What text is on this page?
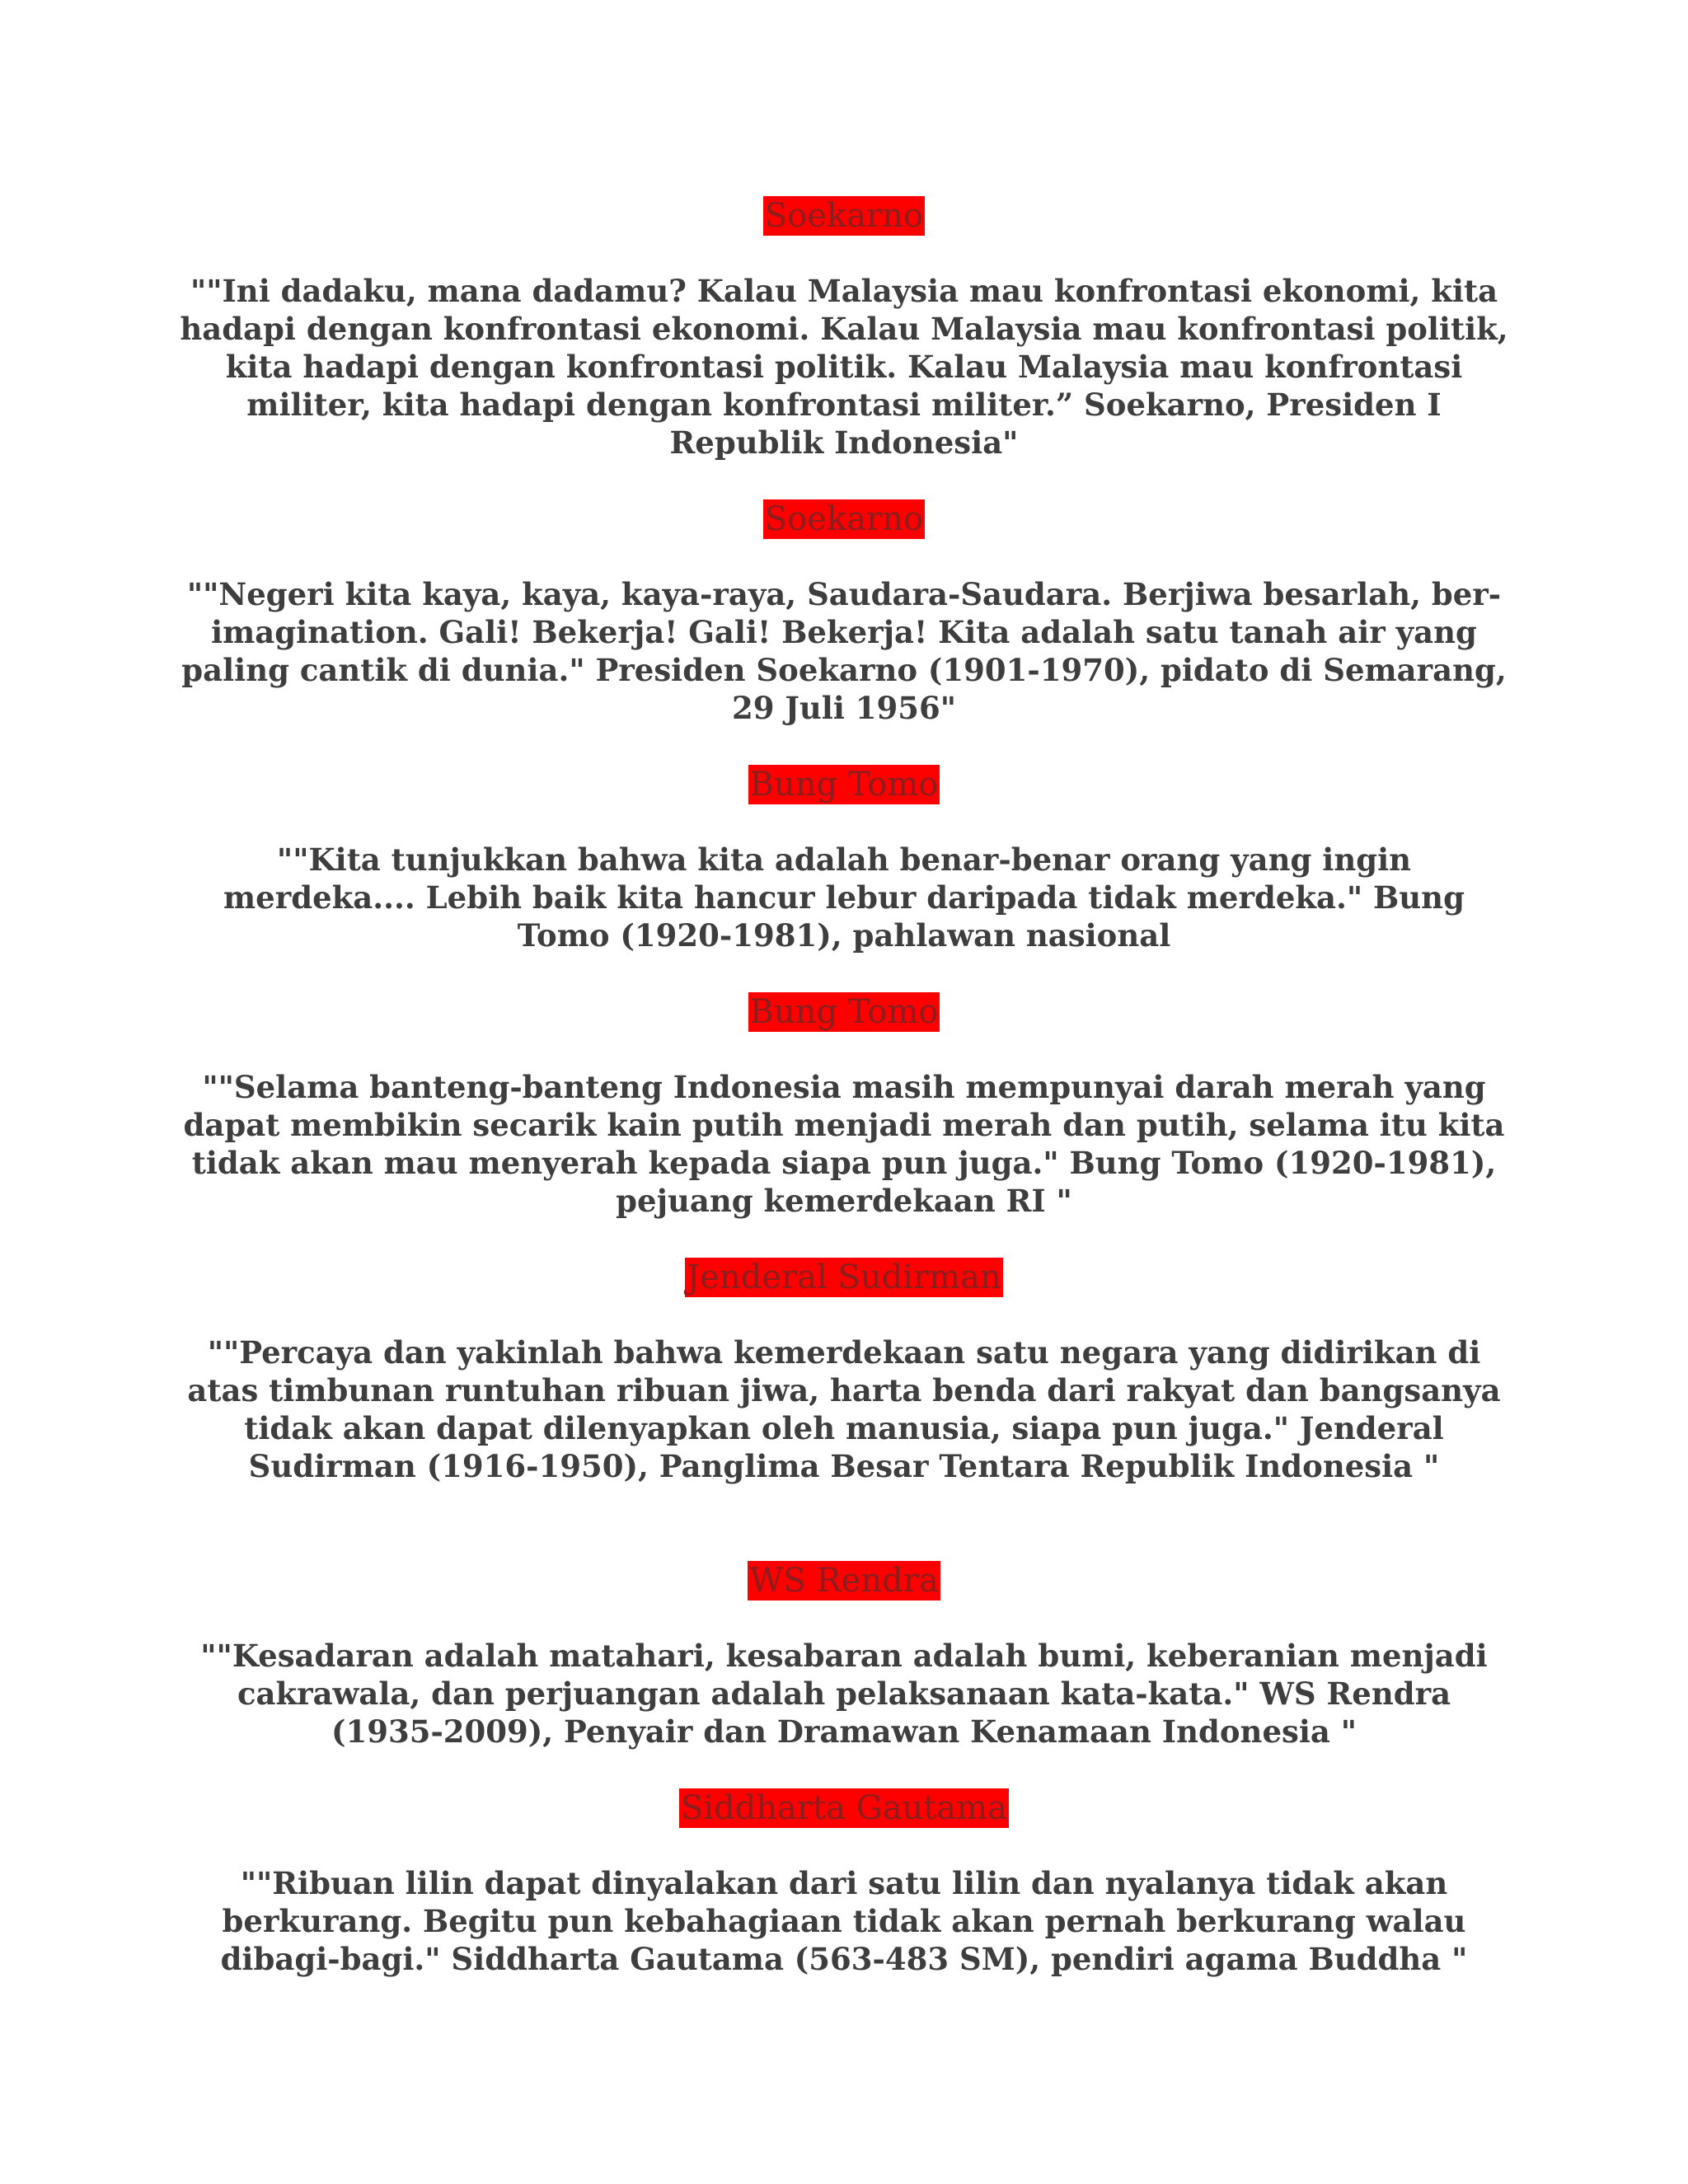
Soekarno
""Ini dadaku, mana dadamu? Kalau Malaysia mau konfrontasi ekonomi, kita hadapi dengan konfrontasi ekonomi. Kalau Malaysia mau konfrontasi politik, kita hadapi dengan konfrontasi politik. Kalau Malaysia mau konfrontasi militer, kita hadapi dengan konfrontasi militer.” Soekarno, Presiden I Republik Indonesia"
Soekarno
""Negeri kita kaya, kaya, kaya-raya, Saudara-Saudara. Berjiwa besarlah, ber-imagination. Gali! Bekerja! Gali! Bekerja! Kita adalah satu tanah air yang paling cantik di dunia." Presiden Soekarno (1901-1970), pidato di Semarang, 29 Juli 1956"
Bung Tomo
""Kita tunjukkan bahwa kita adalah benar-benar orang yang ingin merdeka.... Lebih baik kita hancur lebur daripada tidak merdeka." Bung Tomo (1920-1981), pahlawan nasional
Bung Tomo
""Selama banteng-banteng Indonesia masih mempunyai darah merah yang dapat membikin secarik kain putih menjadi merah dan putih, selama itu kita tidak akan mau menyerah kepada siapa pun juga." Bung Tomo (1920-1981), pejuang kemerdekaan RI "
Jenderal Sudirman
""Percaya dan yakinlah bahwa kemerdekaan satu negara yang didirikan di atas timbunan runtuhan ribuan jiwa, harta benda dari rakyat dan bangsanya tidak akan dapat dilenyapkan oleh manusia, siapa pun juga." Jenderal Sudirman (1916-1950), Panglima Besar Tentara Republik Indonesia "
WS Rendra
""Kesadaran adalah matahari, kesabaran adalah bumi, keberanian menjadi cakrawala, dan perjuangan adalah pelaksanaan kata-kata." WS Rendra (1935-2009), Penyair dan Dramawan Kenamaan Indonesia "
Siddharta Gautama
""Ribuan lilin dapat dinyalakan dari satu lilin dan nyalanya tidak akan berkurang. Begitu pun kebahagiaan tidak akan pernah berkurang walau dibagi-bagi." Siddharta Gautama (563-483 SM), pendiri agama Buddha "
